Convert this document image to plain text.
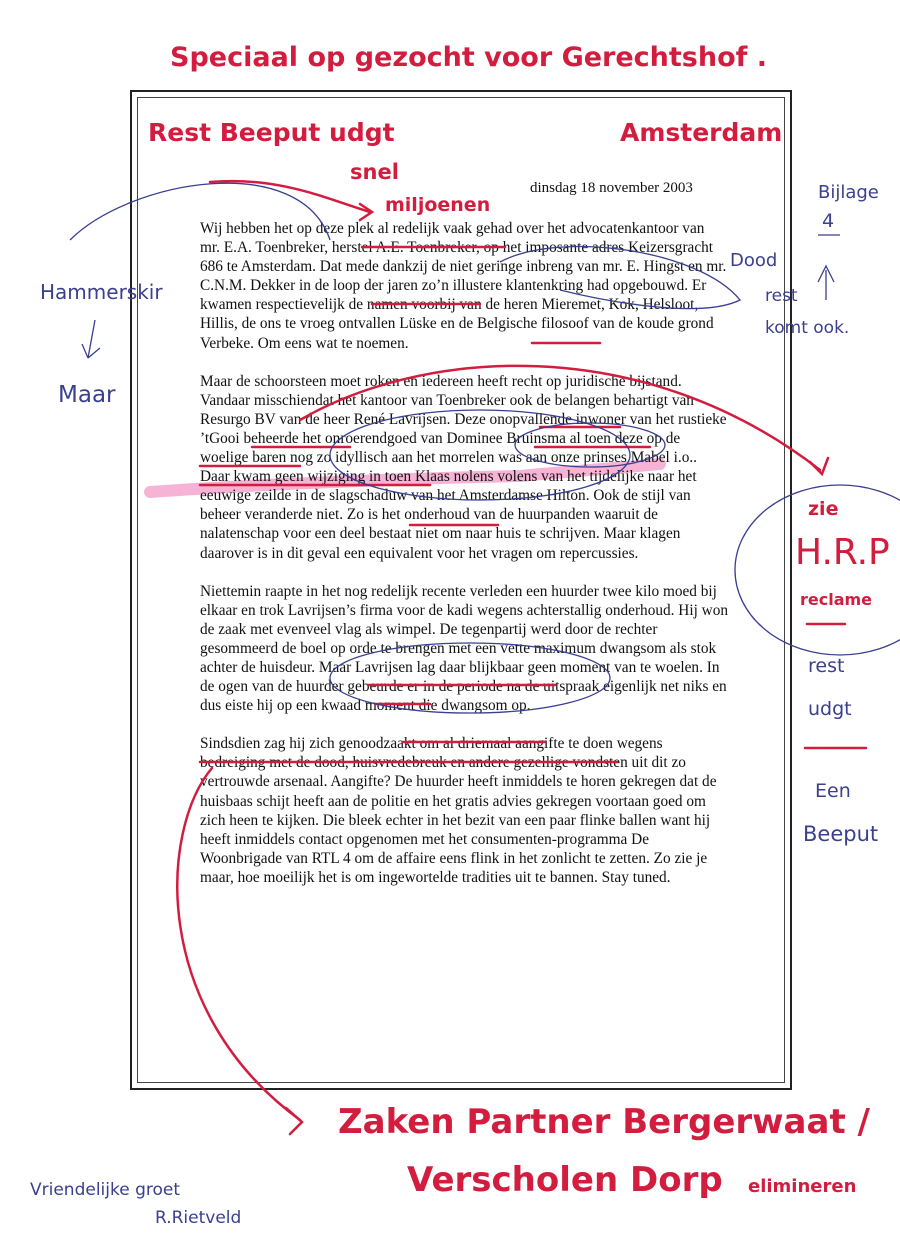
dinsdag 18 november 2003

Wij hebben het op deze plek al redelijk vaak gehad over het advocatenkantoor van mr. E.A. Toenbreker, herstel A.E. Toenbreker, op het imposante adres Keizersgracht 686 te Amsterdam. Dat mede dankzij de niet geringe inbreng van mr. E. Hingst en mr. C.N.M. Dekker in de loop der jaren zo’n illustere klantenkring had opgebouwd. Er kwamen respectievelijk de namen voorbij van de heren Mieremet, Kok, Helsloot, Hillis, de ons te vroeg ontvallen Lüske en de Belgische filosoof van de koude grond Verbeke. Om eens wat te noemen.

Maar de schoorsteen moet roken en iedereen heeft recht op juridische bijstand. Vandaar misschiendat het kantoor van Toenbreker ook de belangen behartigt van Resurgo BV van de heer René Lavrijsen. Deze onopvallende inwoner van het rustieke ’tGooi beheerde het onroerendgoed van Dominee Bruinsma al toen deze op de woelige baren nog zo idyllisch aan het morrelen was aan onze prinses Mabel i.o.. Daar kwam geen wijziging in toen Klaas nolens volens van het tijdelijke naar het eeuwige zeilde in de slagschaduw van het Amsterdamse Hilton. Ook de stijl van beheer veranderde niet. Zo is het onderhoud van de huurpanden waaruit de nalatenschap voor een deel bestaat niet om naar huis te schrijven. Maar klagen daarover is in dit geval een equivalent voor het vragen om repercussies.

Niettemin raapte in het nog redelijk recente verleden een huurder twee kilo moed bij elkaar en trok Lavrijsen’s firma voor de kadi wegens achterstallig onderhoud. Hij won de zaak met evenveel vlag als wimpel. De tegenpartij werd door de rechter gesommeerd de boel op orde te brengen met een vette maximum dwangsom als stok achter de huisdeur. Maar Lavrijsen lag daar blijkbaar geen moment van te woelen. In de ogen van de huurder gebeurde er in de periode na de uitspraak eigenlijk net niks en dus eiste hij op een kwaad moment die dwangsom op.

Sindsdien zag hij zich genoodzaakt om al driemaal aangifte te doen wegens bedreiging met de dood, huisvredebreuk en andere gezellige vondsten uit dit zo vertrouwde arsenaal. Aangifte? De huurder heeft inmiddels te horen gekregen dat de huisbaas schijt heeft aan de politie en het gratis advies gekregen voortaan goed om zich heen te kijken. Die bleek echter in het bezit van een paar flinke ballen want hij heeft inmiddels contact opgenomen met het consumenten-programma De Woonbrigade van RTL 4 om de affaire eens flink in het zonlicht te zetten. Zo zie je maar, hoe moeilijk het is om ingewortelde tradities uit te bannen. Stay tuned.

Speciaal op gezocht voor Gerechtshof .
Rest Beeput udgt	Amsterdam
snel
miljoenen
Bijlage
4
Dood
rest
komt ook.
Hammerskir
Maar
zie
H.R.P
reclame
rest
udgt
Een
Beeput
Zaken Partner Bergerwaat /
Verscholen Dorp elimineren
Vriendelijke groet
R.Rietveld
